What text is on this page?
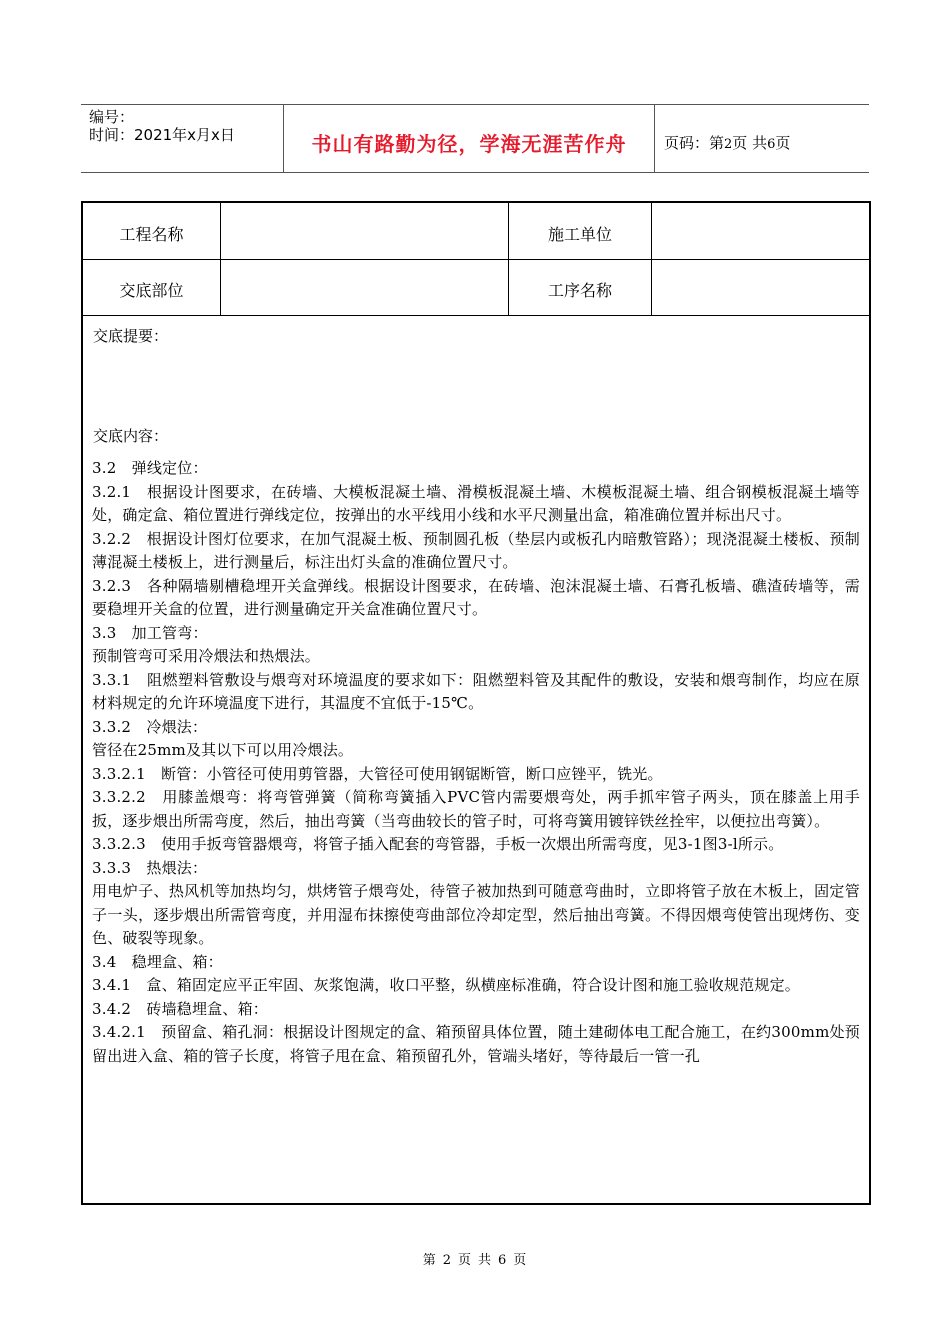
编号：
时间：2021年x月x日	书山有路勤为径，学海无涯苦作舟	页码：第2页 共6页
工程名称	施工单位
交底部位	工序名称
交底提要：
交底内容：

3.2　弹线定位：

3.2.1　根据设计图要求，在砖墙、大模板混凝土墙、滑模板混凝土墙、木模板混凝土墙、组合钢模板混凝土墙等处，确定盒、箱位置进行弹线定位，按弹出的水平线用小线和水平尺测量出盒，箱准确位置并标出尺寸。

3.2.2　根据设计图灯位要求，在加气混凝土板、预制圆孔板（垫层内或板孔内暗敷管路）；现浇混凝土楼板、预制薄混凝土楼板上，进行测量后，标注出灯头盒的准确位置尺寸。

3.2.3　各种隔墙剔槽稳埋开关盒弹线。根据设计图要求，在砖墙、泡沫混凝土墙、石膏孔板墙、礁渣砖墙等，需要稳埋开关盒的位置，进行测量确定开关盒准确位置尺寸。

3.3　加工管弯：

预制管弯可采用冷煨法和热煨法。

3.3.1　阻燃塑料管敷设与煨弯对环境温度的要求如下：阻燃塑料管及其配件的敷设，安装和煨弯制作，均应在原材料规定的允许环境温度下进行，其温度不宜低于-15℃。

3.3.2　冷煨法：

管径在25mm及其以下可以用冷煨法。

3.3.2.1　断管：小管径可使用剪管器，大管径可使用钢锯断管，断口应锉平，铣光。

3.3.2.2　用膝盖煨弯：将弯管弹簧（简称弯簧插入PVC管内需要煨弯处，两手抓牢管子两头，顶在膝盖上用手扳，逐步煨出所需弯度，然后，抽出弯簧（当弯曲较长的管子时，可将弯簧用镀锌铁丝拴牢，以便拉出弯簧）。

3.3.2.3　使用手扳弯管器煨弯，将管子插入配套的弯管器，手板一次煨出所需弯度，见3-1图3-l所示。

3.3.3　热煨法：

用电炉子、热风机等加热均匀，烘烤管子煨弯处，待管子被加热到可随意弯曲时，立即将管子放在木板上，固定管子一头，逐步煨出所需管弯度，并用湿布抹擦使弯曲部位冷却定型，然后抽出弯簧。不得因煨弯使管出现烤伤、变色、破裂等现象。

3.4　稳埋盒、箱：

3.4.1　盒、箱固定应平正牢固、灰浆饱满，收口平整，纵横座标准确，符合设计图和施工验收规范规定。

3.4.2　砖墙稳埋盒、箱：

3.4.2.1　预留盒、箱孔洞：根据设计图规定的盒、箱预留具体位置，随土建砌体电工配合施工，在约300mm处预留出进入盒、箱的管子长度，将管子甩在盒、箱预留孔外，管端头堵好，等待最后一管一孔

第 2 页 共 6 页
